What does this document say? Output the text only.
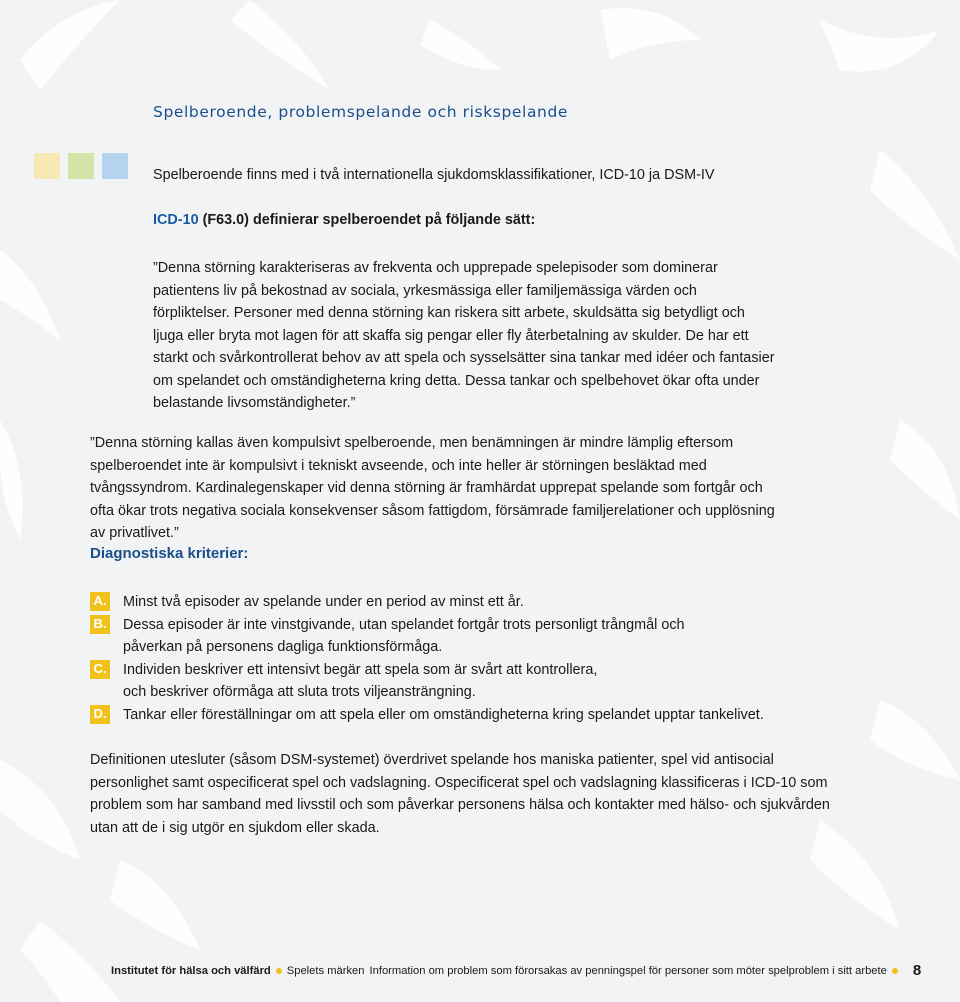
Spelberoende, problemspelande och riskspelande

Spelberoende finns med i två internationella sjukdomsklassifikationer, ICD-10 ja DSM-IV

ICD-10 (F63.0) definierar spelberoendet på följande sätt:

”Denna störning karakteriseras av frekventa och upprepade spelepisoder som dominerar patientens liv på bekostnad av sociala, yrkesmässiga eller familjemässiga värden och förpliktelser. Personer med denna störning kan riskera sitt arbete, skuldsätta sig betydligt och ljuga eller bryta mot lagen för att skaffa sig pengar eller fly återbetalning av skulder. De har ett starkt och svårkontrollerat behov av att spela och sysselsätter sina tankar med idéer och fantasier om spelandet och omständigheterna kring detta. Dessa tankar och spelbehovet ökar ofta under belastande livsomständigheter.”

”Denna störning kallas även kompulsivt spelberoende, men benämningen är mindre lämplig eftersom spelberoendet inte är kompulsivt i tekniskt avseende, och inte heller är störningen besläktad med tvångssyndrom. Kardinalegenskaper vid denna störning är framhärdat upprepat spelande som fortgår och ofta ökar trots negativa sociala konsekvenser såsom fattigdom, försämrade familjerelationer och upplösning av privatlivet.”

Diagnostiska kriterier:

A. Minst två episoder av spelande under en period av minst ett år.
B. Dessa episoder är inte vinstgivande, utan spelandet fortgår trots personligt trångmål och påverkan på personens dagliga funktionsförmåga.
C. Individen beskriver ett intensivt begär att spela som är svårt att kontrollera, och beskriver oförmåga att sluta trots viljeansträngning.
D. Tankar eller föreställningar om att spela eller om omständigheterna kring spelandet upptar tankelivet.

Definitionen utesluter (såsom DSM-systemet) överdrivet spelande hos maniska patienter, spel vid antisocial personlighet samt ospecificerat spel och vadslagning. Ospecificerat spel och vadslagning klassificeras i ICD-10 som problem som har samband med livsstil och som påverkar personens hälsa och kontakter med hälso- och sjukvården utan att de i sig utgör en sjukdom eller skada.

Institutet för hälsa och välfärd Spelets märken Information om problem som förorsakas av penningspel för personer som möter spelproblem i sitt arbete 8
